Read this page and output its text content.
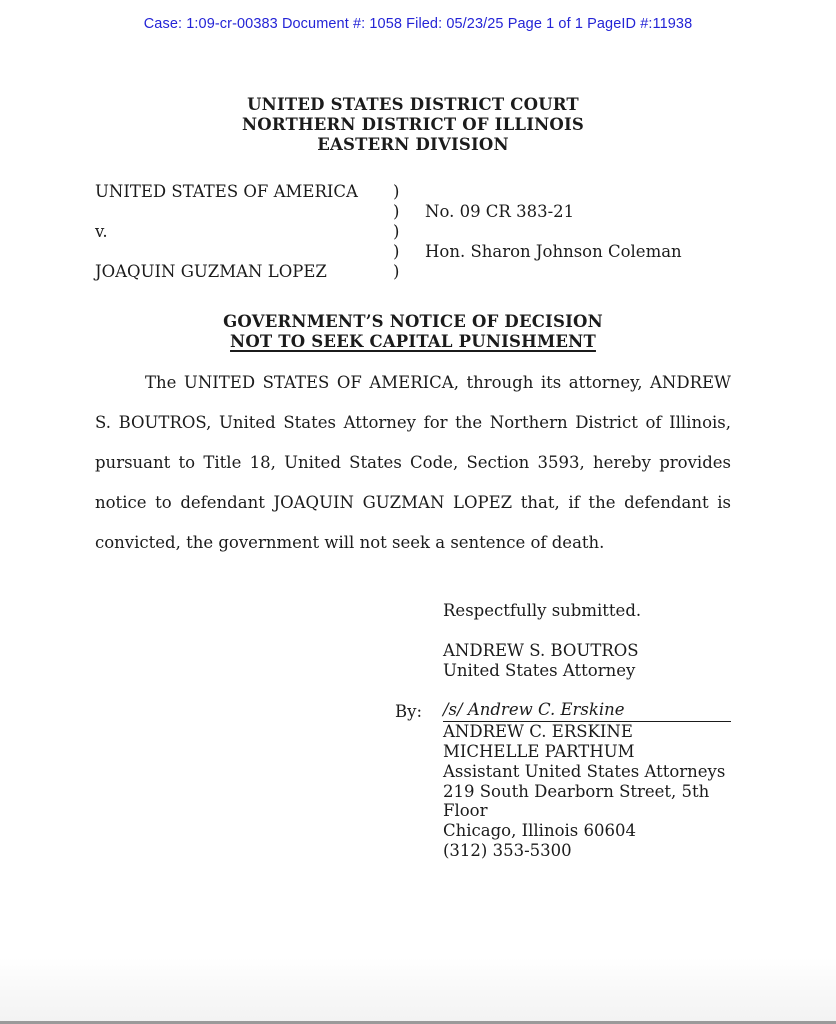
Case: 1:09-cr-00383 Document #: 1058 Filed: 05/23/25 Page 1 of 1 PageID #:11938
UNITED STATES DISTRICT COURT
NORTHERN DISTRICT OF ILLINOIS
EASTERN DIVISION
UNITED STATES OF AMERICA

v.

JOAQUIN GUZMAN LOPEZ
)
)
)
)
)

No. 09 CR 383-21

Hon. Sharon Johnson Coleman

GOVERNMENT’S NOTICE OF DECISION
NOT TO SEEK CAPITAL PUNISHMENT

The UNITED STATES OF AMERICA, through its attorney, ANDREW S. BOUTROS, United States Attorney for the Northern District of Illinois, pursuant to Title 18, United States Code, Section 3593, hereby provides notice to defendant JOAQUIN GUZMAN LOPEZ that, if the defendant is convicted, the government will not seek a sentence of death.

Respectfully submitted.
ANDREW S. BOUTROS
United States Attorney
By:	/s/ Andrew C. Erskine
ANDREW C. ERSKINE
MICHELLE PARTHUM
Assistant United States Attorneys
219 South Dearborn Street, 5th Floor
Chicago, Illinois 60604
(312) 353-5300
